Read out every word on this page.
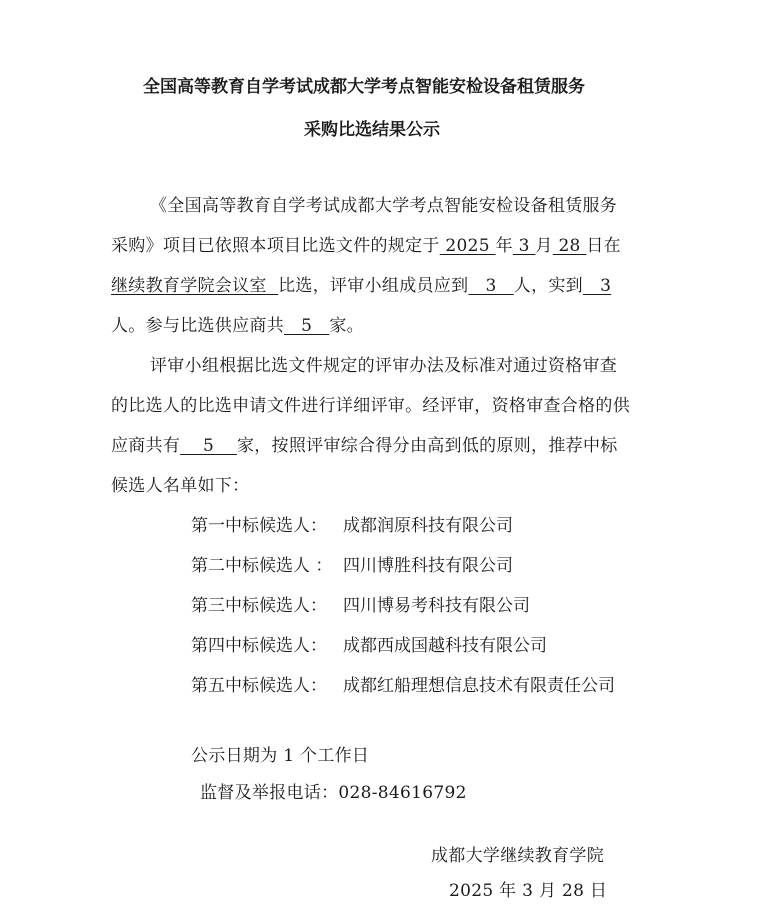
全国高等教育自学考试成都大学考点智能安检设备租赁服务
采购比选结果公示
《全国高等教育自学考试成都大学考点智能安检设备租赁服务
采购》项目已依照本项目比选文件的规定于 2025 年 3 月 28 日在
继续教育学院会议室  比选，评审小组成员应到   3   人，实到   3
人。参与比选供应商共   5   家。
评审小组根据比选文件规定的评审办法及标准对通过资格审查
的比选人的比选申请文件进行详细评审。经评审，资格审查合格的供
应商共有    5    家，按照评审综合得分由高到低的原则，推荐中标
候选人名单如下：
第一中标候选人： 成都润原科技有限公司
第二中标候选人 ： 四川博胜科技有限公司
第三中标候选人： 四川博易考科技有限公司
第四中标候选人： 成都西成国越科技有限公司
第五中标候选人： 成都红船理想信息技术有限责任公司
公示日期为 1 个工作日
监督及举报电话：028-84616792
成都大学继续教育学院
2025 年 3 月 28 日
